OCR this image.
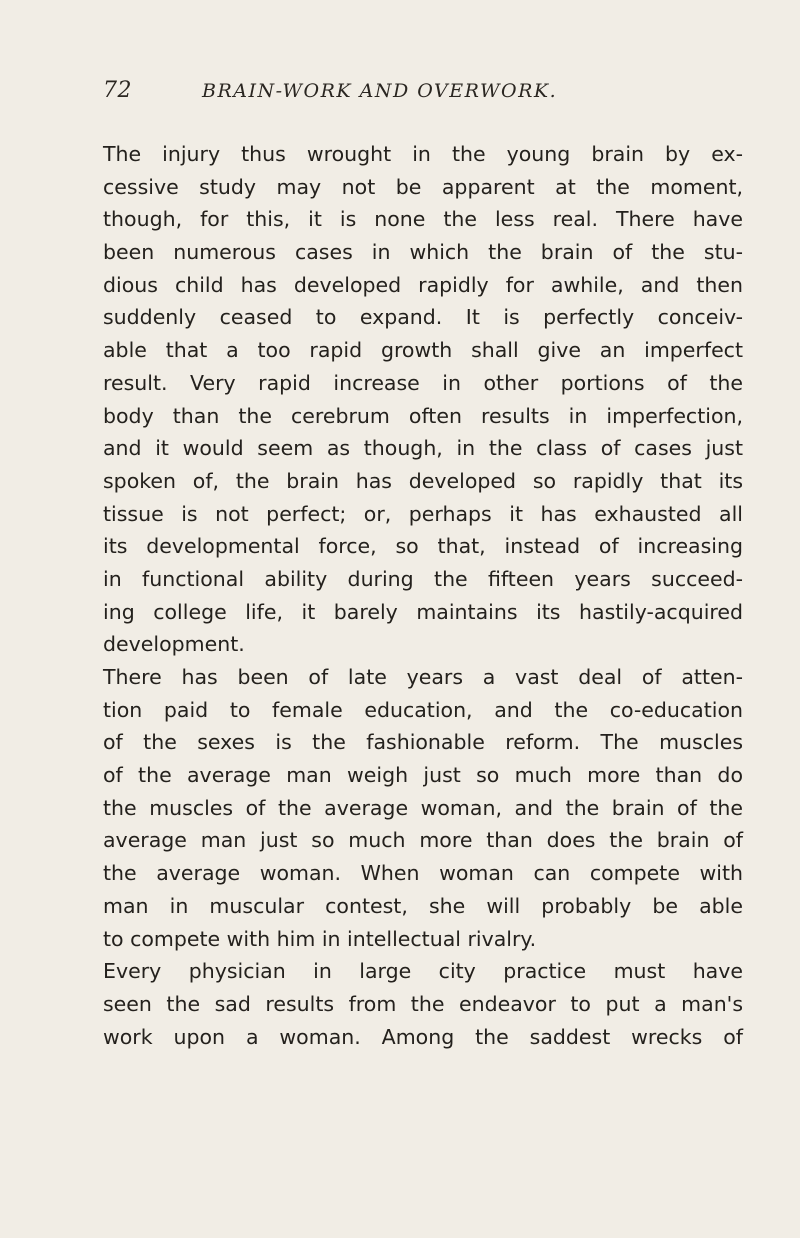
72	BRAIN-WORK AND OVERWORK.
The injury thus wrought in the young brain by ex-
cessive study may not be apparent at the moment,
though, for this, it is none the less real. There have
been numerous cases in which the brain of the stu-
dious child has developed rapidly for awhile, and then
suddenly ceased to expand. It is perfectly conceiv-
able that a too rapid growth shall give an imperfect
result. Very rapid increase in other portions of the
body than the cerebrum often results in imperfection,
and it would seem as though, in the class of cases just
spoken of, the brain has developed so rapidly that its
tissue is not perfect; or, perhaps it has exhausted all
its developmental force, so that, instead of increasing
in functional ability during the fifteen years succeed-
ing college life, it barely maintains its hastily-acquired
development.
There has been of late years a vast deal of atten-
tion paid to female education, and the co-education
of the sexes is the fashionable reform. The muscles
of the average man weigh just so much more than do
the muscles of the average woman, and the brain of the
average man just so much more than does the brain of
the average woman. When woman can compete with
man in muscular contest, she will probably be able
to compete with him in intellectual rivalry.
Every physician in large city practice must have
seen the sad results from the endeavor to put a man's
work upon a woman. Among the saddest wrecks of
